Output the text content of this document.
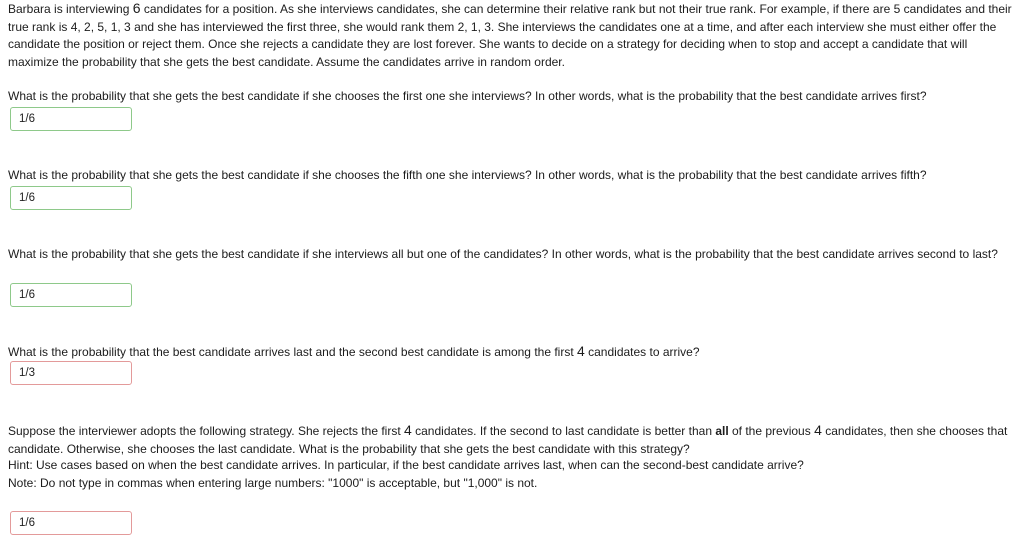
Barbara is interviewing 6 candidates for a position. As she interviews candidates, she can determine their relative rank but not their true rank. For example, if there are 5 candidates and their true rank is 4, 2, 5, 1, 3 and she has interviewed the first three, she would rank them 2, 1, 3. She interviews the candidates one at a time, and after each interview she must either offer the candidate the position or reject them. Once she rejects a candidate they are lost forever. She wants to decide on a strategy for deciding when to stop and accept a candidate that will maximize the probability that she gets the best candidate. Assume the candidates arrive in random order.

What is the probability that she gets the best candidate if she chooses the first one she interviews? In other words, what is the probability that the best candidate arrives first?

1/6

What is the probability that she gets the best candidate if she chooses the fifth one she interviews? In other words, what is the probability that the best candidate arrives fifth?

1/6

What is the probability that she gets the best candidate if she interviews all but one of the candidates? In other words, what is the probability that the best candidate arrives second to last?

1/6

What is the probability that the best candidate arrives last and the second best candidate is among the first 4 candidates to arrive?

1/3

Suppose the interviewer adopts the following strategy. She rejects the first 4 candidates. If the second to last candidate is better than all of the previous 4 candidates, then she chooses that candidate. Otherwise, she chooses the last candidate. What is the probability that she gets the best candidate with this strategy?

Hint: Use cases based on when the best candidate arrives. In particular, if the best candidate arrives last, when can the second-best candidate arrive?

Note: Do not type in commas when entering large numbers: "1000" is acceptable, but "1,000" is not.

1/6
